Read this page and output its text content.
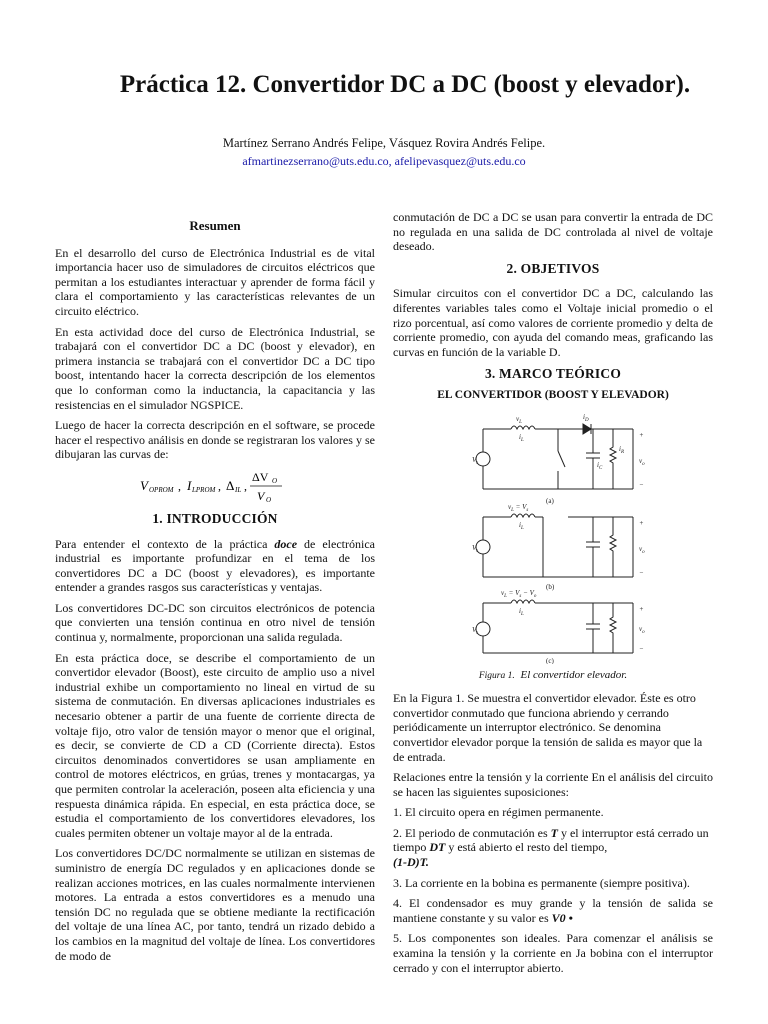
Práctica 12. Convertidor DC a DC (boost y elevador).
Martínez Serrano Andrés Felipe, Vásquez Rovira Andrés Felipe.
afmartinezserrano@uts.edu.co, afelipevasquez@uts.edu.co
Resumen

En el desarrollo del curso de Electrónica Industrial es de vital importancia hacer uso de simuladores de circuitos eléctricos que permitan a los estudiantes interactuar y aprender de forma fácil y clara el comportamiento y las características relevantes de un circuito eléctrico.

En esta actividad doce del curso de Electrónica Industrial, se trabajará con el convertidor DC a DC (boost y elevador), en primera instancia se trabajará con el convertidor DC a DC tipo boost, intentando hacer la correcta descripción de los elementos que lo conforman como la inductancia, la capacitancia y las resistencias en el simulador NGSPICE.

Luego de hacer la correcta descripción en el software, se procede hacer el respectivo análisis en donde se registraran los valores y se dibujaran las curvas de:

V OPROM , I LPROM , Δ IL ,
ΔV O
V O
1. INTRODUCCIÓN

Para entender el contexto de la práctica doce de electrónica industrial es importante profundizar en el tema de los convertidores DC a DC (boost y elevadores), es importante entender a grandes rasgos sus características y ventajas.

Los convertidores DC-DC son circuitos electrónicos de potencia que convierten una tensión continua en otro nivel de tensión continua y, normalmente, proporcionan una salida regulada.

En esta práctica doce, se describe el comportamiento de un convertidor elevador (Boost), este circuito de amplio uso a nivel industrial exhibe un comportamiento no lineal en virtud de su sistema de conmutación. En diversas aplicaciones industriales es necesario obtener a partir de una fuente de corriente directa de voltaje fijo, otro valor de tensión mayor o menor que el original, es decir, se convierte de CD a CD (Corriente directa). Estos circuitos denominados convertidores se usan ampliamente en control de motores eléctricos, en grúas, trenes y montacargas, ya que permiten controlar la aceleración, poseen alta eficiencia y una respuesta dinámica rápida. En especial, en esta práctica doce, se estudia el comportamiento de los convertidores elevadores, los cuales permiten obtener un voltaje mayor al de la entrada.

Los convertidores DC/DC normalmente se utilizan en sistemas de suministro de energía DC regulados y en aplicaciones donde se realizan acciones motrices, en las cuales normalmente intervienen motores. La entrada a estos convertidores es a menudo una tensión DC no regulada que se obtiene mediante la rectificación del voltaje de una línea AC, por tanto, tendrá un rizado debido a los cambios en la magnitud del voltaje de línea. Los convertidores de modo de

conmutación de DC a DC se usan para convertir la entrada de DC no regulada en una salida de DC controlada al nivel de voltaje deseado.

2. OBJETIVOS

Simular circuitos con el convertidor DC a DC, calculando las diferentes variables tales como el Voltaje inicial promedio o el rizo porcentual, así como valores de corriente promedio y delta de corriente promedio, con ayuda del comando meas, graficando las curvas en función de la variable D.

3. MARCO TEÓRICO
EL CONVERTIDOR (BOOST Y ELEVADOR)
$V_s$
$v_L$
$i_L$
$i_D$
$i_C$
$i_R$
+
−
$v_o$
(a)
$V_s$
$v_L = V_s$
$i_L$
+
−
$v_o$
(b)
$V_s$
$v_L = V_s - V_o$
$i_L$
+
−
$v_o$
(c)
Figura 1. El convertidor elevador.

En la Figura 1. Se muestra el convertidor elevador. Éste es otro convertidor conmutado que funciona abriendo y cerrando periódicamente un interruptor electrónico. Se denomina convertidor elevador porque la tensión de salida es mayor que la de entrada.

Relaciones entre la tensión y la corriente En el análisis del circuito se hacen las siguientes suposiciones:

1. El circuito opera en régimen permanente.
2. El periodo de conmutación es T y el interruptor está cerrado un tiempo DT y está abierto el resto del tiempo,
(1-D)T.
3. La corriente en la bobina es permanente (siempre positiva).
4. El condensador es muy grande y la tensión de salida se mantiene constante y su valor es V0 •
5. Los componentes son ideales. Para comenzar el análisis se examina la tensión y la corriente en Ja bobina con el interruptor cerrado y con el interruptor abierto.
